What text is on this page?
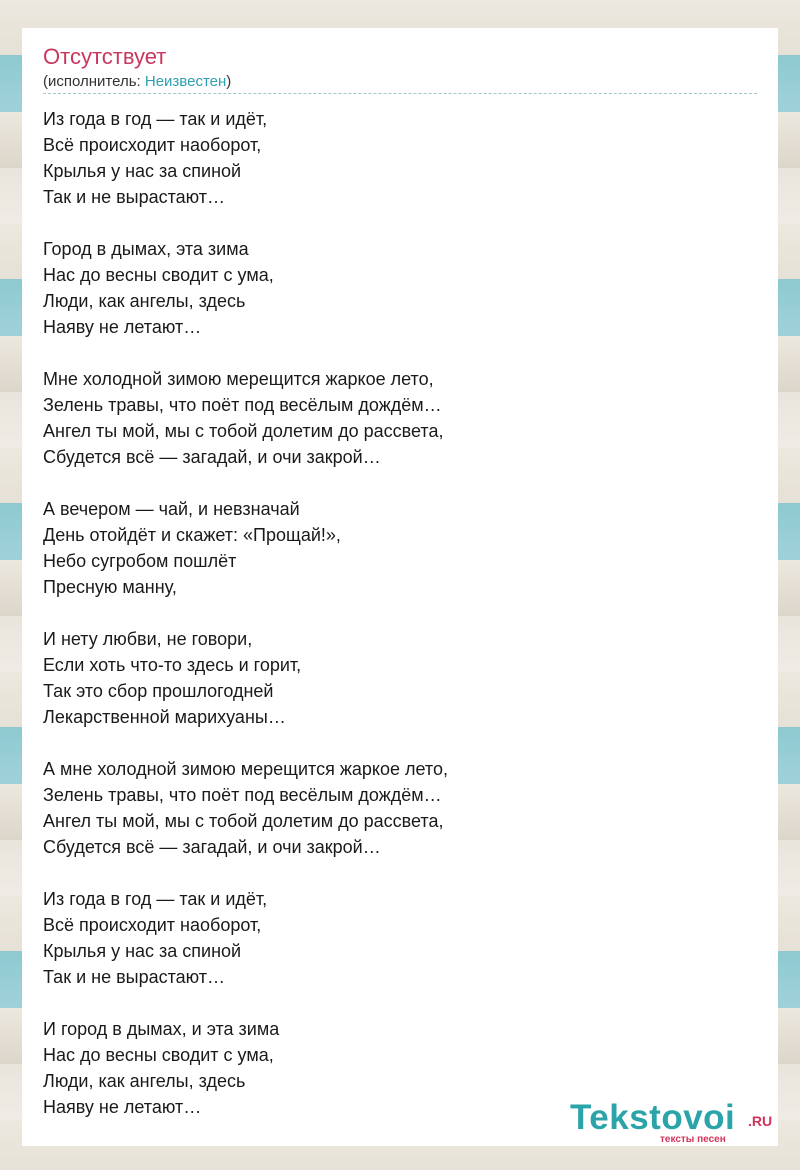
Отсутствует
(исполнитель: Неизвестен)
Из года в год — так и идёт,
Всё происходит наоборот,
Крылья у нас за спиной
Так и не вырастают…
Город в дымах, эта зима
Нас до весны сводит с ума,
Люди, как ангелы, здесь
Наяву не летают…
Мне холодной зимою мерещится жаркое лето,
Зелень травы, что поёт под весёлым дождём…
Ангел ты мой, мы с тобой долетим до рассвета,
Сбудется всё — загадай, и очи закрой…
А вечером — чай, и невзначай
День отойдёт и скажет: «Прощай!»,
Небо сугробом пошлёт
Пресную манну,
И нету любви, не говори,
Если хоть что-то здесь и горит,
Так это сбор прошлогодней
Лекарственной марихуаны…
А мне холодной зимою мерещится жаркое лето,
Зелень травы, что поёт под весёлым дождём…
Ангел ты мой, мы с тобой долетим до рассвета,
Сбудется всё — загадай, и очи закрой…
Из года в год — так и идёт,
Всё происходит наоборот,
Крылья у нас за спиной
Так и не вырастают…
И город в дымах, и эта зима
Нас до весны сводит с ума,
Люди, как ангелы, здесь
Наяву не летают…	Tekstovoi .RU
тексты песен
